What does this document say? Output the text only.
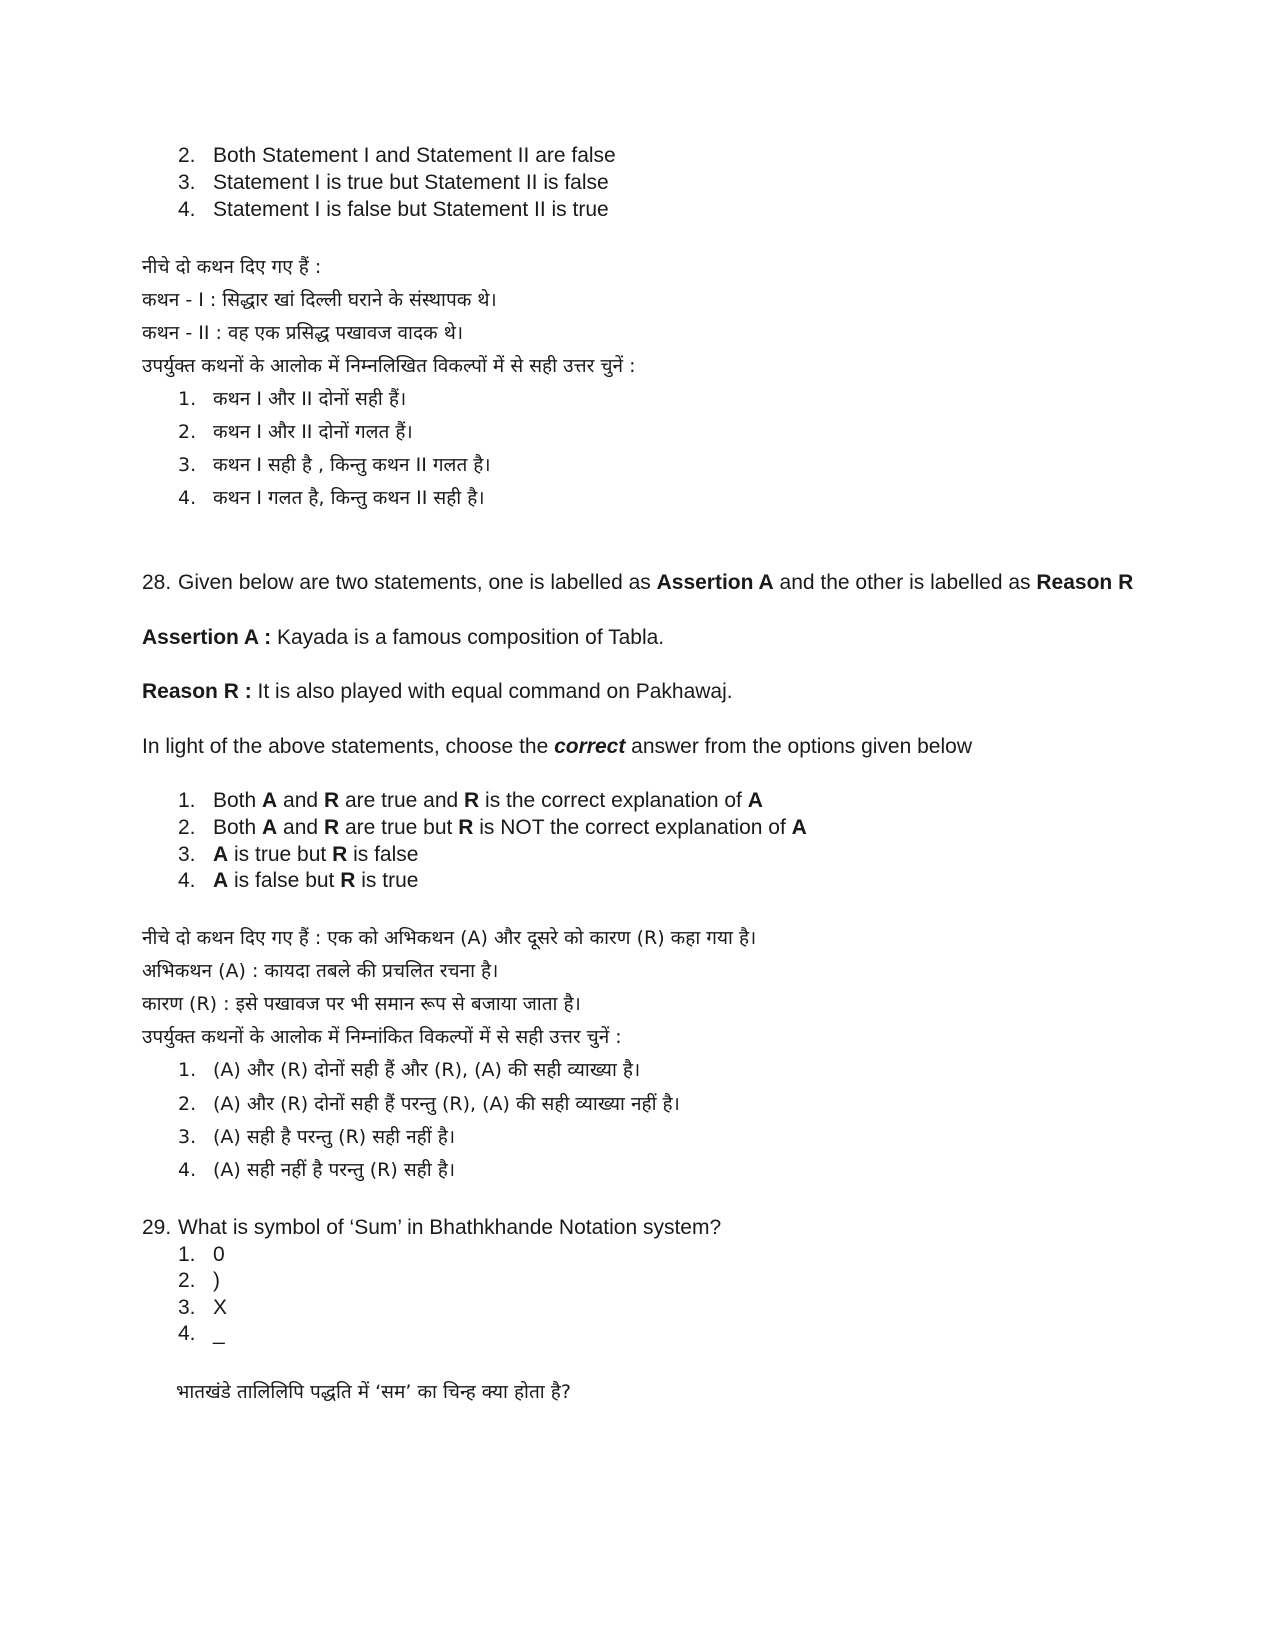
2. Both Statement I and Statement II are false
3. Statement I is true but Statement II is false
4. Statement I is false but Statement II is true
नीचे दो कथन दिए गए हैं :
कथन - I : सिद्धार खां दिल्ली घराने के संस्थापक थे।
कथन - II : वह एक प्रसिद्ध पखावज वादक थे।
उपर्युक्त कथनों के आलोक में निम्नलिखित विकल्पों में से सही उत्तर चुनें :
1. कथन I और II दोनों सही हैं।
2. कथन I और II दोनों गलत हैं।
3. कथन I सही है , किन्तु कथन II गलत है।
4. कथन I गलत है, किन्तु कथन II सही है।
28. Given below are two statements, one is labelled as Assertion A and the other is labelled as Reason R
Assertion A : Kayada is a famous composition of Tabla.
Reason R : It is also played with equal command on Pakhawaj.
In light of the above statements, choose the correct answer from the options given below
1. Both A and R are true and R is the correct explanation of A
2. Both A and R are true but R is NOT the correct explanation of A
3. A is true but R is false
4. A is false but R is true
नीचे दो कथन दिए गए हैं : एक को अभिकथन (A) और दूसरे को कारण (R) कहा गया है।
अभिकथन (A) : कायदा तबले की प्रचलित रचना है।
कारण (R) : इसे पखावज पर भी समान रूप से बजाया जाता है।
उपर्युक्त कथनों के आलोक में निम्नांकित विकल्पों में से सही उत्तर चुनें :
1. (A) और (R) दोनों सही हैं और (R), (A) की सही व्याख्या है।
2. (A) और (R) दोनों सही हैं परन्तु (R), (A) की सही व्याख्या नहीं है।
3. (A) सही है परन्तु (R) सही नहीं है।
4. (A) सही नहीं है परन्तु (R) सही है।
29. What is symbol of ‘Sum’ in Bhathkhande Notation system?
1. 0
2. )
3. X
4. _
भातखंडे तालिलिपि पद्धति में ‘सम’ का चिन्ह क्या होता है?
